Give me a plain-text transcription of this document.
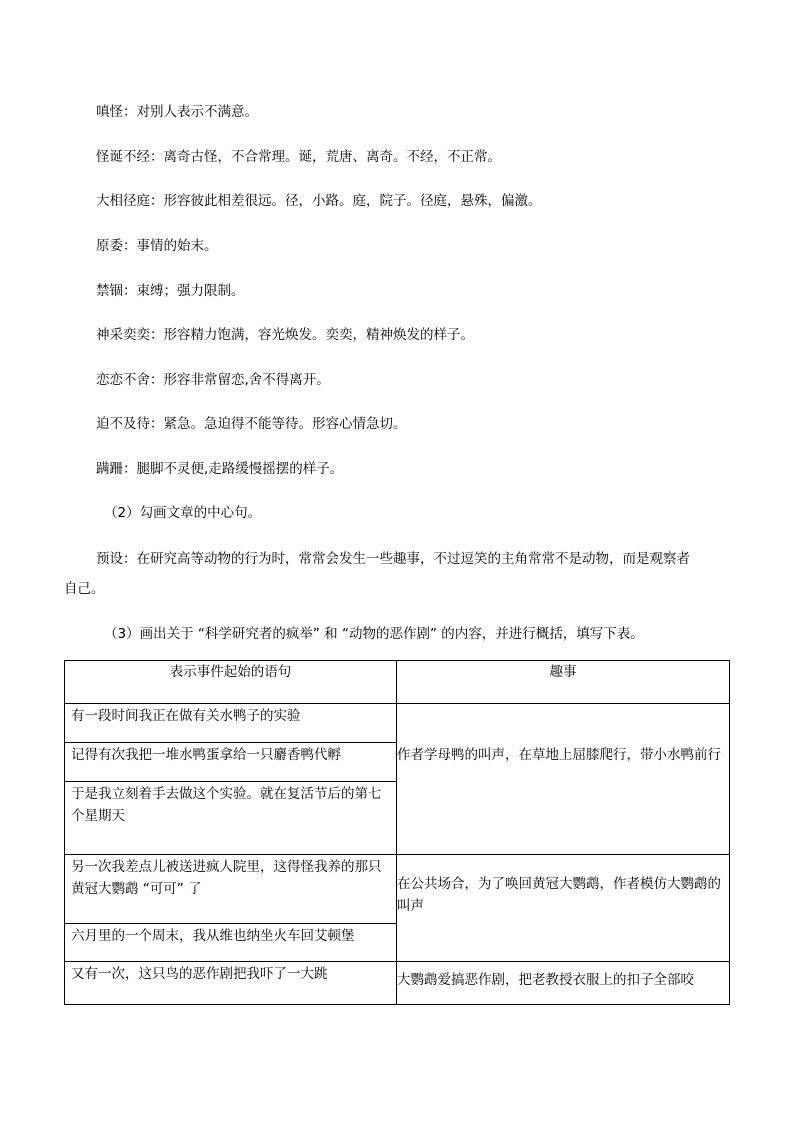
嗔怪：对别人表示不满意。
怪诞不经：离奇古怪，不合常理。诞，荒唐、离奇。不经，不正常。
大相径庭：形容彼此相差很远。径，小路。庭，院子。径庭，悬殊，偏激。
原委：事情的始末。
禁锢：束缚；强力限制。
神采奕奕：形容精力饱满，容光焕发。奕奕，精神焕发的样子。
恋恋不舍：形容非常留恋,舍不得离开。
迫不及待：紧急。急迫得不能等待。形容心情急切。
蹒跚：腿脚不灵便,走路缓慢摇摆的样子。
（2）勾画文章的中心句。
预设：在研究高等动物的行为时，常常会发生一些趣事，不过逗笑的主角常常不是动物，而是观察者
自己。
（3）画出关于 “科学研究者的疯举” 和 “动物的恶作剧” 的内容，并进行概括，填写下表。
表示事件起始的语句	趣事

有一段时间我正在做有关水鸭子的实验
记得有次我把一堆水鸭蛋拿给一只麝香鸭代孵
于是我立刻着手去做这个实验。就在复活节后的第七个星期天	作者学母鸭的叫声，在草地上屈膝爬行，带小水鸭前行

另一次我差点儿被送进疯人院里，这得怪我养的那只黄冠大鹦鹉 “可可” 了
六月里的一个周末，我从维也纳坐火车回艾顿堡	在公共场合，为了唤回黄冠大鹦鹉，作者模仿大鹦鹉的叫声

又有一次，这只鸟的恶作剧把我吓了一大跳	大鹦鹉爱搞恶作剧，把老教授衣服上的扣子全部咬
